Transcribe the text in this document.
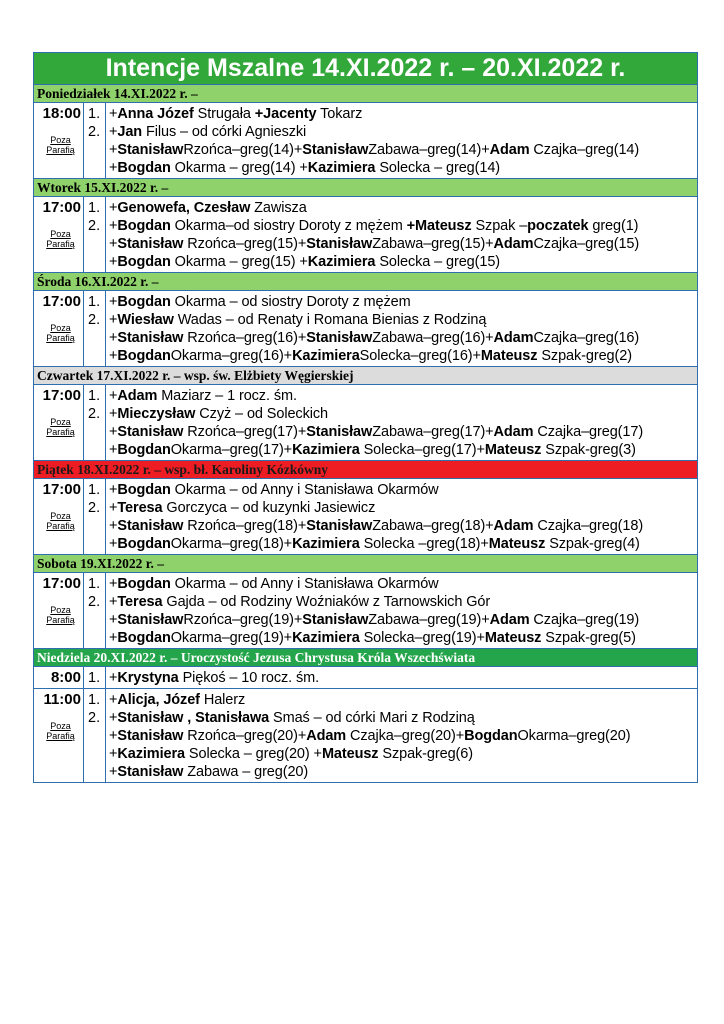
Intencje Mszalne 14.XI.2022 r. – 20.XI.2022 r.
Poniedziałek 14.XI.2022 r. –
18:00
Poza
Parafią
1.
2.
+Anna Józef Strugała +Jacenty Tokarz
+Jan Filus – od córki Agnieszki
+StanisławRzońca–greg(14)+StanisławZabawa–greg(14)+Adam Czajka–greg(14)
+Bogdan Okarma – greg(14) +Kazimiera Solecka – greg(14)
Wtorek 15.XI.2022 r. –
17:00
Poza
Parafią
1.
2.
+Genowefa, Czesław Zawisza
+Bogdan Okarma–od siostry Doroty z mężem +Mateusz Szpak –poczatek greg(1)
+Stanisław Rzońca–greg(15)+StanisławZabawa–greg(15)+AdamCzajka–greg(15)
+Bogdan Okarma – greg(15) +Kazimiera Solecka – greg(15)
Środa 16.XI.2022 r. –
17:00
Poza
Parafią
1.
2.
+Bogdan Okarma – od siostry Doroty z mężem
+Wiesław Wadas – od Renaty i Romana Bienias z Rodziną
+Stanisław Rzońca–greg(16)+StanisławZabawa–greg(16)+AdamCzajka–greg(16)
+BogdanOkarma–greg(16)+KazimieraSolecka–greg(16)+Mateusz Szpak-greg(2)
Czwartek 17.XI.2022 r. – wsp. św. Elżbiety Węgierskiej
17:00
Poza
Parafią
1.
2.
+Adam Maziarz – 1 rocz. śm.
+Mieczysław Czyż – od Soleckich
+Stanisław Rzońca–greg(17)+StanisławZabawa–greg(17)+Adam Czajka–greg(17)
+BogdanOkarma–greg(17)+Kazimiera Solecka–greg(17)+Mateusz Szpak-greg(3)
Piątek 18.XI.2022 r. – wsp. bł. Karoliny Kózkówny
17:00
Poza
Parafią
1.
2.
+Bogdan Okarma – od Anny i Stanisława Okarmów
+Teresa Gorczyca – od kuzynki Jasiewicz
+Stanisław Rzońca–greg(18)+StanisławZabawa–greg(18)+Adam Czajka–greg(18)
+BogdanOkarma–greg(18)+Kazimiera Solecka –greg(18)+Mateusz Szpak-greg(4)
Sobota 19.XI.2022 r. –
17:00
Poza
Parafią
1.
2.
+Bogdan Okarma – od Anny i Stanisława Okarmów
+Teresa Gajda – od Rodziny Woźniaków z Tarnowskich Gór
+StanisławRzońca–greg(19)+StanisławZabawa–greg(19)+Adam Czajka–greg(19)
+BogdanOkarma–greg(19)+Kazimiera Solecka–greg(19)+Mateusz Szpak-greg(5)
Niedziela 20.XI.2022 r. – Uroczystość Jezusa Chrystusa Króla Wszechświata
8:00 1. +Krystyna Piękoś – 10 rocz. śm.
11:00
Poza
Parafią
1.
2.
+Alicja, Józef Halerz
+Stanisław , Stanisława Smaś – od córki Mari z Rodziną
+Stanisław Rzońca–greg(20)+Adam Czajka–greg(20)+BogdanOkarma–greg(20)
+Kazimiera Solecka – greg(20) +Mateusz Szpak-greg(6)
+Stanisław Zabawa – greg(20)
